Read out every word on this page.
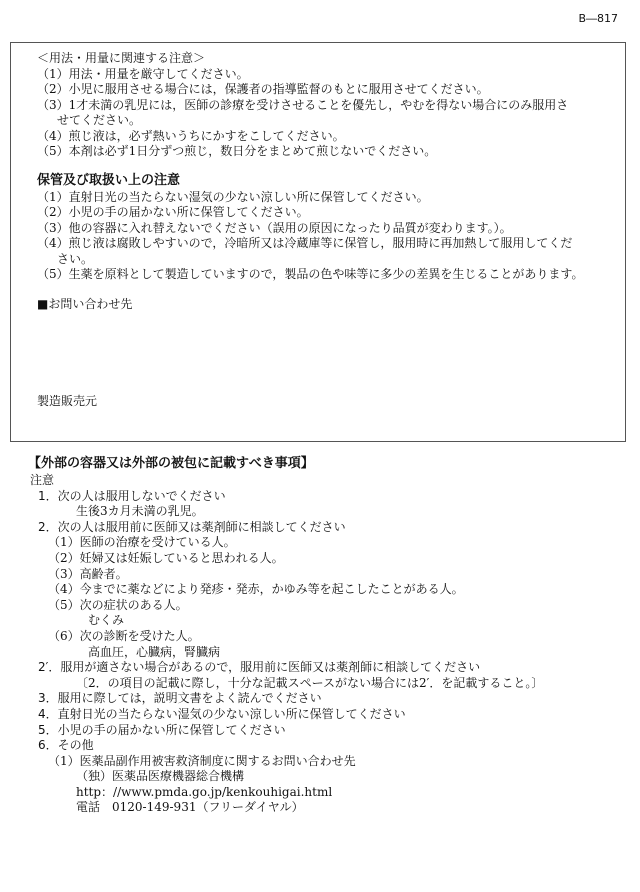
B―817
＜用法・用量に関連する注意＞
（1）用法・用量を厳守してください。
（2）小児に服用させる場合には，保護者の指導監督のもとに服用させてください。
（3）1才未満の乳児には，医師の診療を受けさせることを優先し，やむを得ない場合にのみ服用さ
せてください。
（4）煎じ液は，必ず熱いうちにかすをこしてください。
（5）本剤は必ず1日分ずつ煎じ，数日分をまとめて煎じないでください。
保管及び取扱い上の注意
（1）直射日光の当たらない湿気の少ない涼しい所に保管してください。
（2）小児の手の届かない所に保管してください。
（3）他の容器に入れ替えないでください（誤用の原因になったり品質が変わります。）。
（4）煎じ液は腐敗しやすいので，冷暗所又は冷蔵庫等に保管し，服用時に再加熱して服用してくだ
さい。
（5）生薬を原料として製造していますので，製品の色や味等に多少の差異を生じることがあります。
■お問い合わせ先
製造販売元
【外部の容器又は外部の被包に記載すべき事項】
注意
1．次の人は服用しないでください
生後3カ月未満の乳児。
2．次の人は服用前に医師又は薬剤師に相談してください
（1）医師の治療を受けている人。
（2）妊婦又は妊娠していると思われる人。
（3）高齢者。
（4）今までに薬などにより発疹・発赤，かゆみ等を起こしたことがある人。
（5）次の症状のある人。
むくみ
（6）次の診断を受けた人。
高血圧，心臓病，腎臓病
2′．服用が適さない場合があるので，服用前に医師又は薬剤師に相談してください
〔2．の項目の記載に際し，十分な記載スペースがない場合には2′．を記載すること。〕
3．服用に際しては，説明文書をよく読んでください
4．直射日光の当たらない湿気の少ない涼しい所に保管してください
5．小児の手の届かない所に保管してください
6．その他
（1）医薬品副作用被害救済制度に関するお問い合わせ先
（独）医薬品医療機器総合機構
http：//www.pmda.go.jp/kenkouhigai.html
電話　0120-149-931（フリーダイヤル）
